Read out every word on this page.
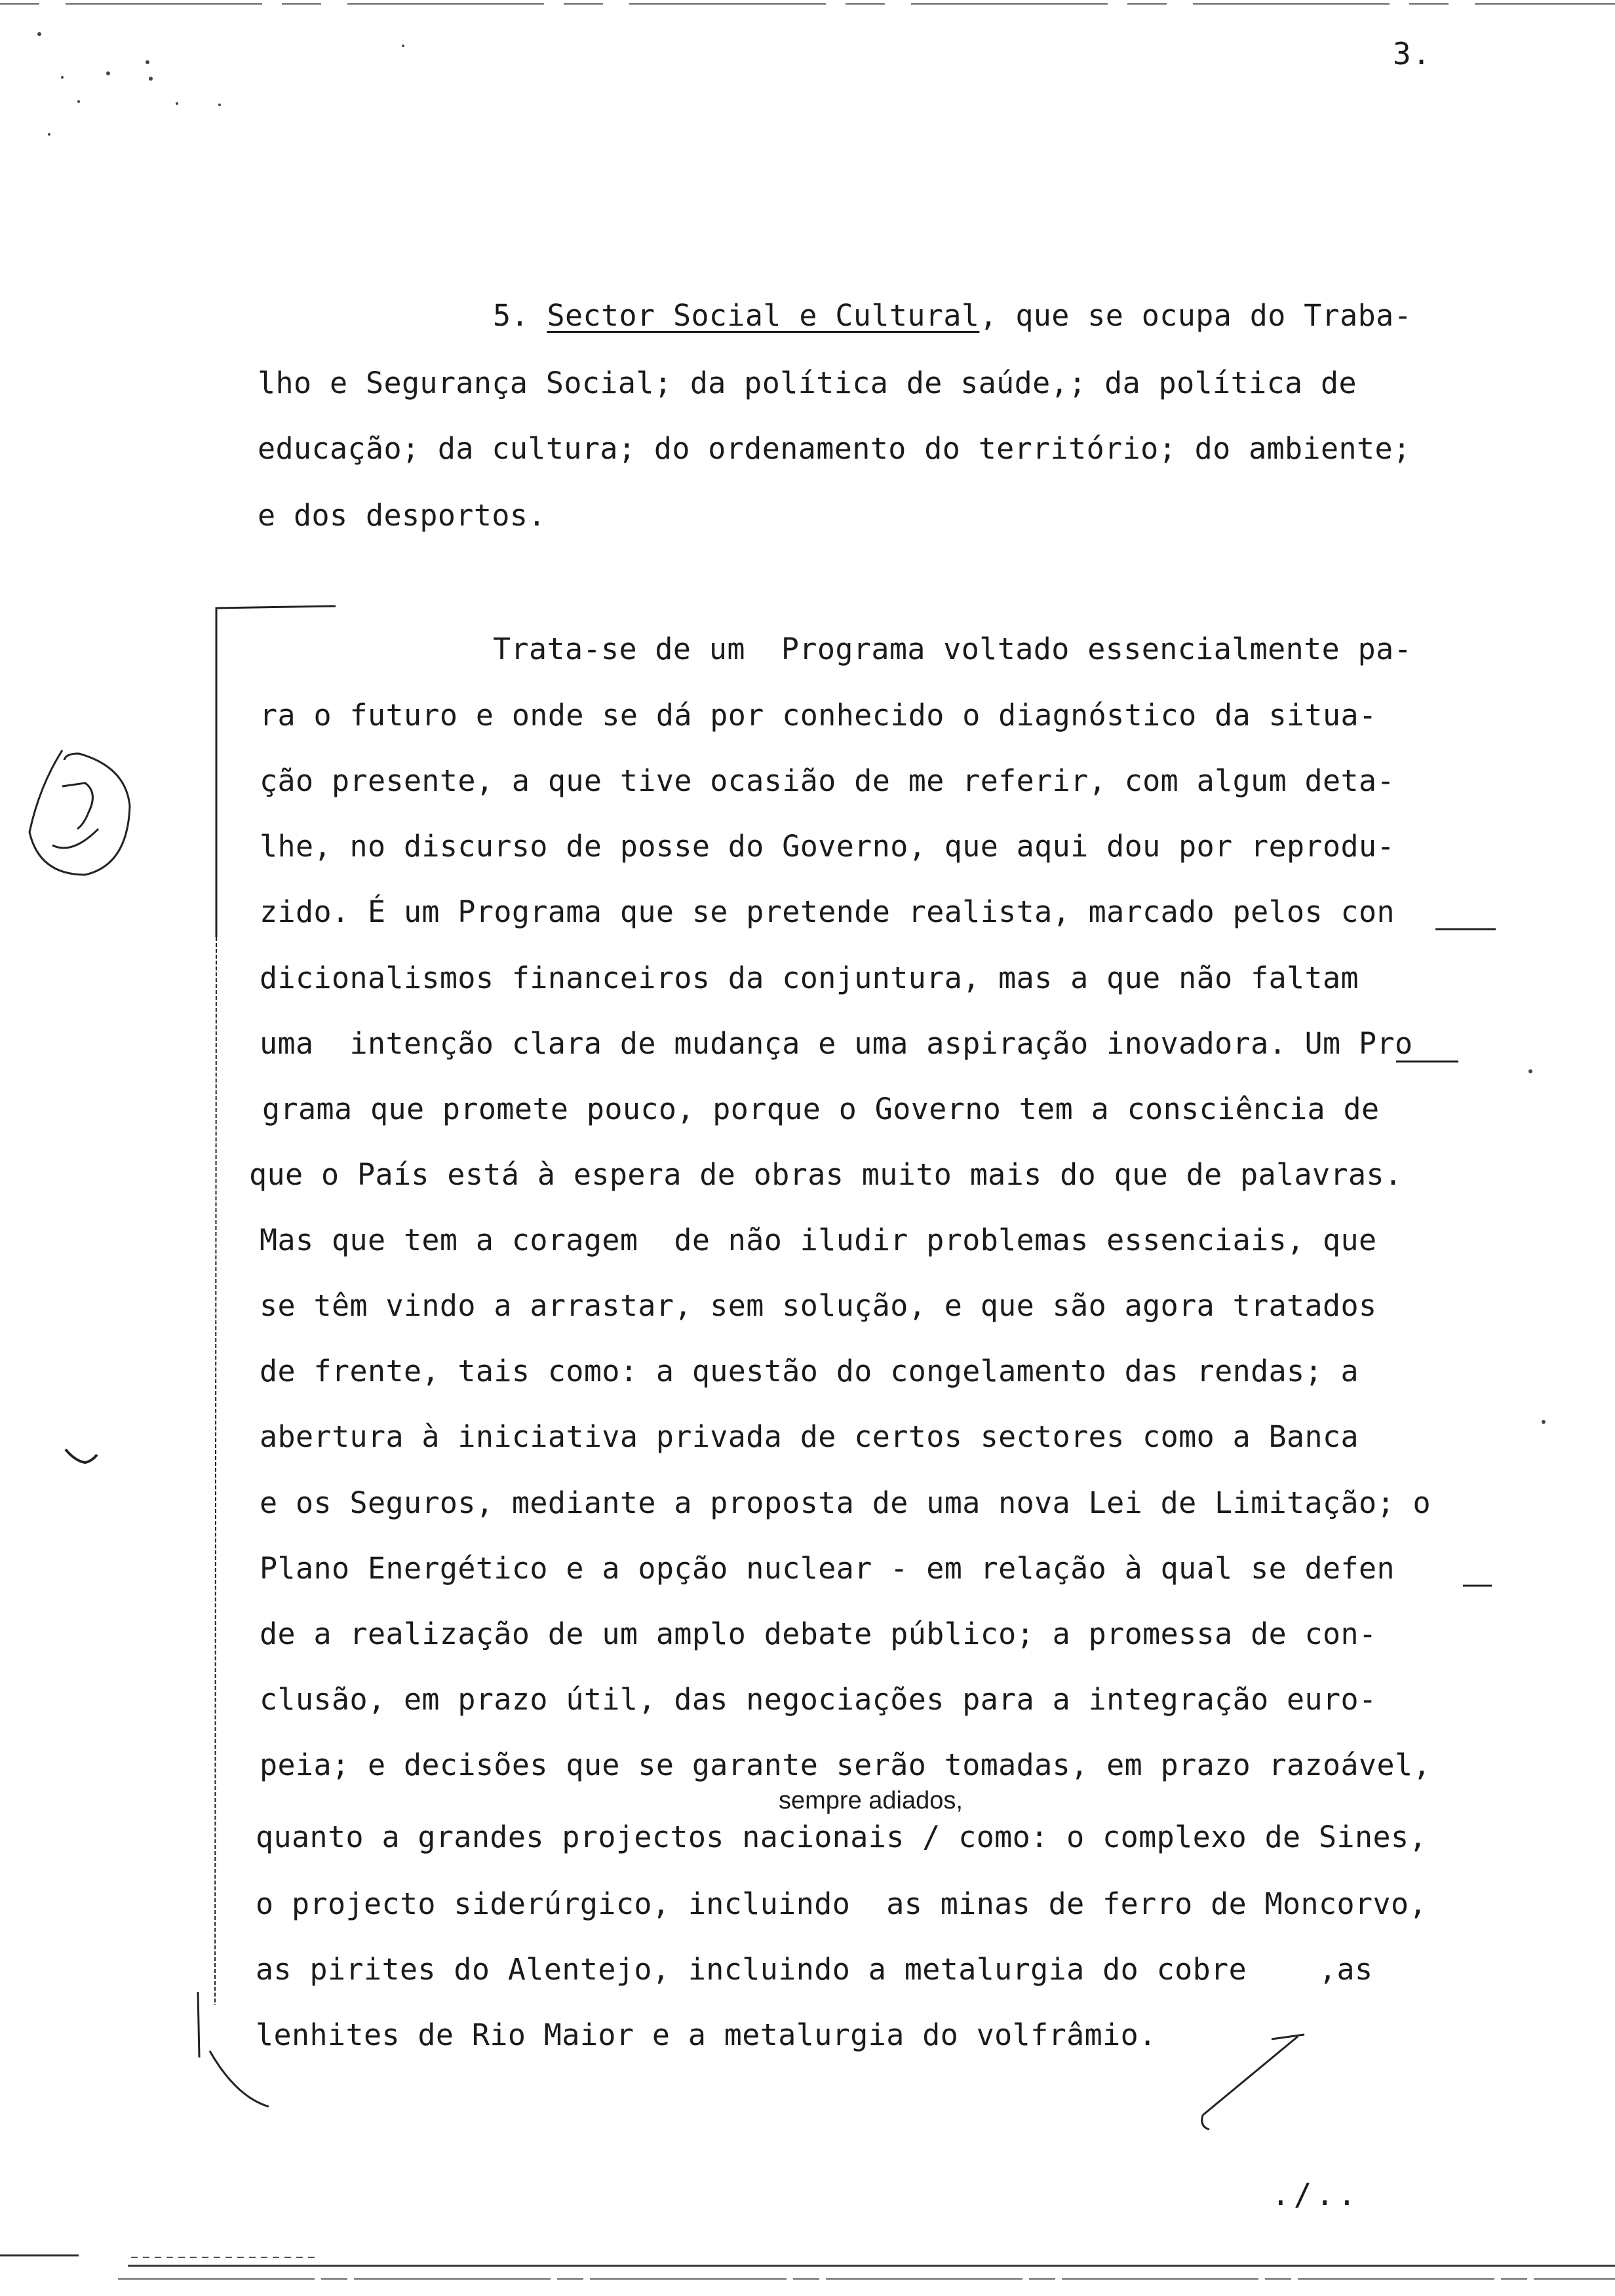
3.
5. Sector Social e Cultural, que se ocupa do Traba-
lho e Segurança Social; da política de saúde,; da política de
educação; da cultura; do ordenamento do território; do ambiente;
e dos desportos.
Trata-se de um  Programa voltado essencialmente pa-
ra o futuro e onde se dá por conhecido o diagnóstico da situa-
ção presente, a que tive ocasião de me referir, com algum deta-
lhe, no discurso de posse do Governo, que aqui dou por reprodu-
zido. É um Programa que se pretende realista, marcado pelos con
dicionalismos financeiros da conjuntura, mas a que não faltam
uma  intenção clara de mudança e uma aspiração inovadora. Um Pro
grama que promete pouco, porque o Governo tem a consciência de
que o País está à espera de obras muito mais do que de palavras.
Mas que tem a coragem  de não iludir problemas essenciais, que
se têm vindo a arrastar, sem solução, e que são agora tratados
de frente, tais como: a questão do congelamento das rendas; a
abertura à iniciativa privada de certos sectores como a Banca
e os Seguros, mediante a proposta de uma nova Lei de Limitação; o
Plano Energético e a opção nuclear - em relação à qual se defen
de a realização de um amplo debate público; a promessa de con-
clusão, em prazo útil, das negociações para a integração euro-
peia; e decisões que se garante serão tomadas, em prazo razoável,
sempre adiados,
quanto a grandes projectos nacionais / como: o complexo de Sines,
o projecto siderúrgico, incluindo  as minas de ferro de Moncorvo,
as pirites do Alentejo, incluindo a metalurgia do cobre    ,as
lenhites de Rio Maior e a metalurgia do volfrâmio.
./..
